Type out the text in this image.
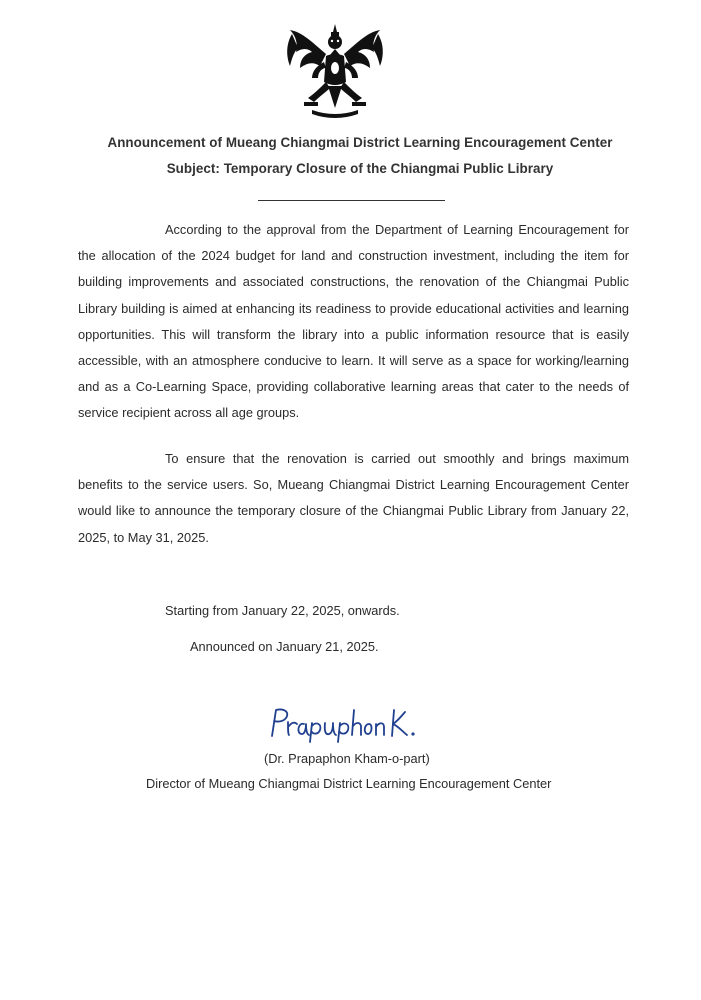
Announcement of Mueang Chiangmai District Learning Encouragement Center
Subject: Temporary Closure of the Chiangmai Public Library

According to the approval from the Department of Learning Encouragement for the allocation of the 2024 budget for land and construction investment, including the item for building improvements and associated constructions, the renovation of the Chiangmai Public Library building is aimed at enhancing its readiness to provide educational activities and learning opportunities. This will transform the library into a public information resource that is easily accessible, with an atmosphere conducive to learn. It will serve as a space for working/learning and as a Co-Learning Space, providing collaborative learning areas that cater to the needs of service recipient across all age groups.

To ensure that the renovation is carried out smoothly and brings maximum benefits to the service users. So, Mueang Chiangmai District Learning Encouragement Center would like to announce the temporary closure of the Chiangmai Public Library from January 22, 2025, to May 31, 2025.

Starting from January 22, 2025, onwards.
Announced on January 21, 2025.
(Dr. Prapaphon Kham-o-part)
Director of Mueang Chiangmai District Learning Encouragement Center
